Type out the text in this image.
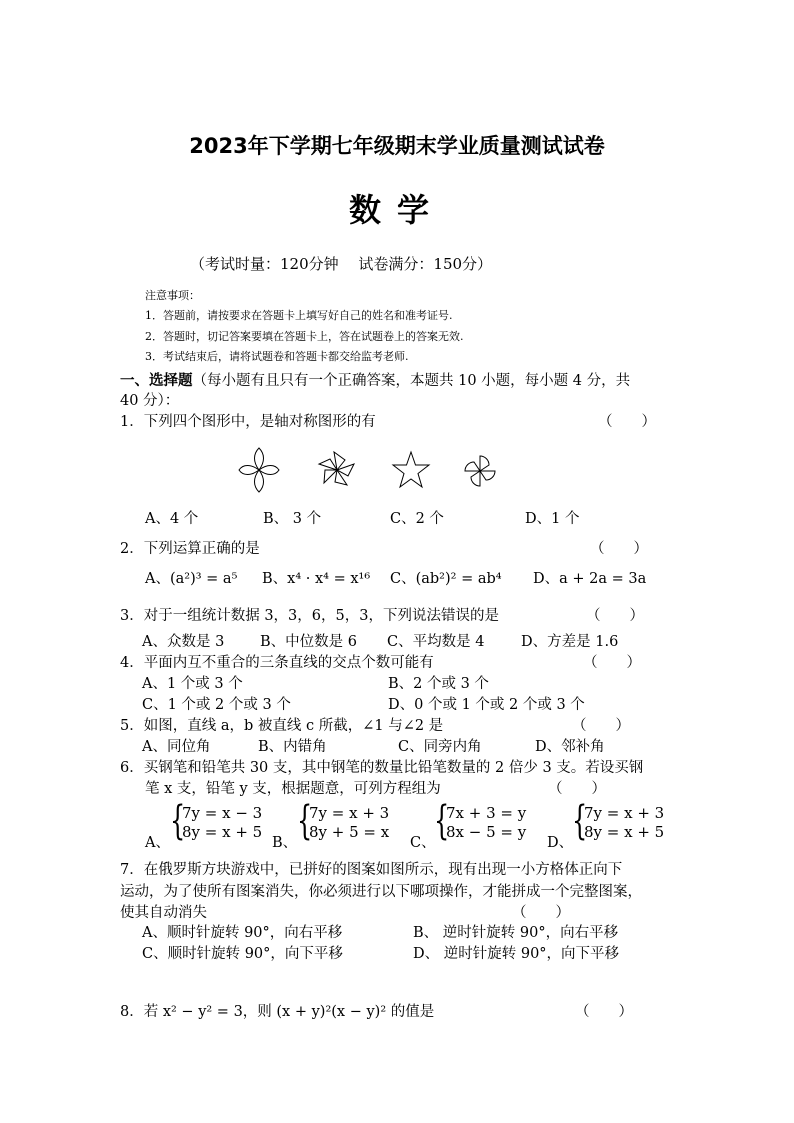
2023年下学期七年级期末学业质量测试试卷
数学
（考试时量：120分钟　 试卷满分：150分）
注意事项：
1．答题前，请按要求在答题卡上填写好自己的姓名和准考证号.
2．答题时，切记答案要填在答题卡上，答在试题卷上的答案无效.
3．考试结束后，请将试题卷和答题卡都交给监考老师.
一、选择题（每小题有且只有一个正确答案，本题共 10 小题，每小题 4 分，共
40 分）：
1．下列四个图形中，是轴对称图形的有	（　　）
A、4 个	B、 3 个	C、2 个	D、1 个
2．下列运算正确的是	（　　）
A、(a²)³ = a⁵ B、x⁴ · x⁴ = x¹⁶ C、(ab²)² = ab⁴ D、a + 2a = 3a
3．对于一组统计数据 3，3，6，5，3，下列说法错误的是	（　　）
A、众数是 3 B、中位数是 6 C、平均数是 4	D、方差是 1.6
4．平面内互不重合的三条直线的交点个数可能有	（　　）
A、1 个或 3 个	B、2 个或 3 个
C、1 个或 2 个或 3 个	D、0 个或 1 个或 2 个或 3 个
5．如图，直线 a，b 被直线 c 所截，∠1 与∠2 是	（　　）
A、同位角	B、内错角	C、同旁内角	D、邻补角
6．买钢笔和铅笔共 30 支，其中钢笔的数量比铅笔数量的 2 倍少 3 支。若设买钢
笔 x 支，铅笔 y 支，根据题意，可列方程组为	（　　）
A、 {
7y = x − 3
8y = x + 5
B、 {
7y = x + 3
8y + 5 = x
C、
{
7x + 3 = y
8x − 5 = y
D、
{
7y = x + 3
8y = x + 5
7．在俄罗斯方块游戏中，已拼好的图案如图所示，现有出现一小方格体正向下
运动，为了使所有图案消失，你必须进行以下哪项操作，才能拼成一个完整图案，
使其自动消失	（　　）
A、顺时针旋转 90°，向右平移	B、 逆时针旋转 90°，向右平移
C、顺时针旋转 90°，向下平移	D、 逆时针旋转 90°，向下平移
8．若 x² − y² = 3，则 (x + y)²(x − y)² 的值是	（　　）
